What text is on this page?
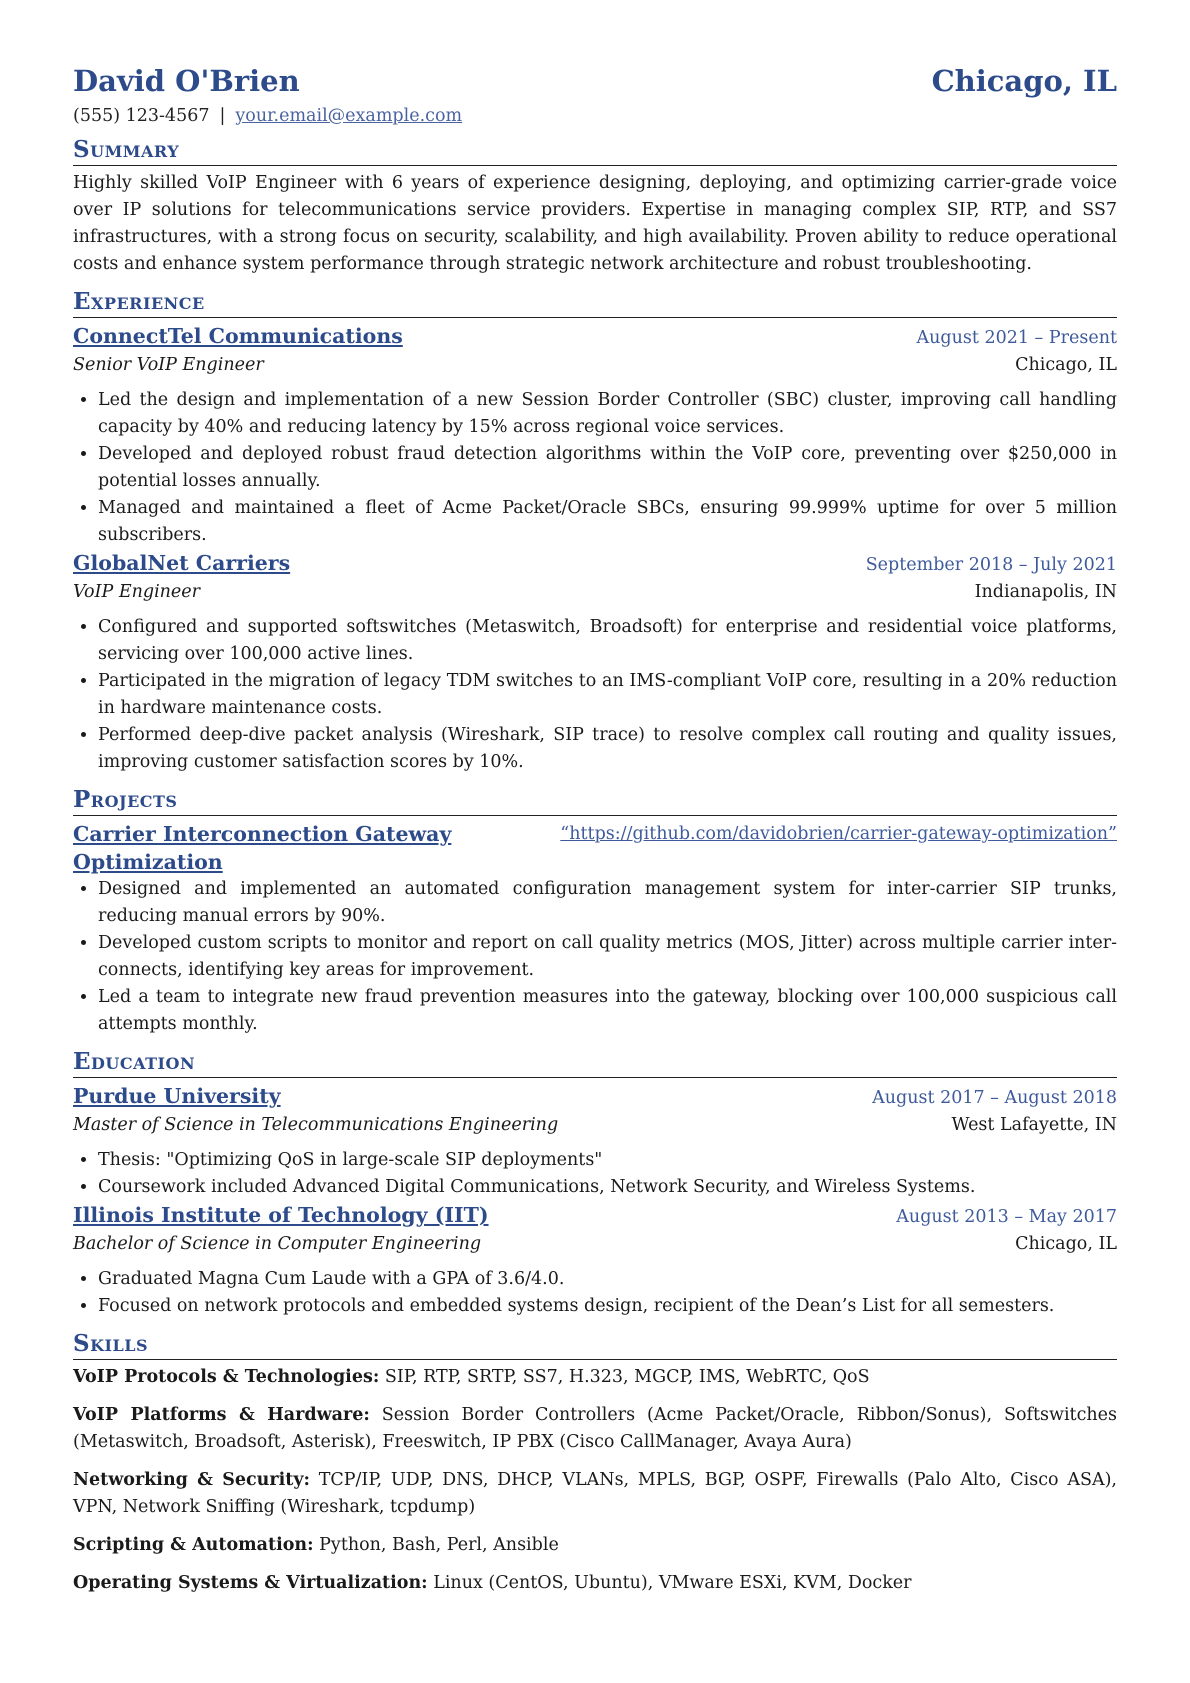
David O'Brien	Chicago, IL
(555) 123-4567 | your.email@example.com
Summary

Highly skilled VoIP Engineer with 6 years of experience designing, deploying, and optimizing carrier-grade voice over IP solutions for telecommunications service providers. Expertise in managing complex SIP, RTP, and SS7 infrastructures, with a strong focus on security, scalability, and high availability. Proven ability to reduce operational costs and enhance system performance through strategic network architecture and robust troubleshooting.

Experience
ConnectTel Communications	August 2021 – Present
Senior VoIP Engineer	Chicago, IL
• Led the design and implementation of a new Session Border Controller (SBC) cluster, improving call handling capacity by 40% and reducing latency by 15% across regional voice services.
• Developed and deployed robust fraud detection algorithms within the VoIP core, preventing over $250,000 in potential losses annually.
• Managed and maintained a fleet of Acme Packet/Oracle SBCs, ensuring 99.999% uptime for over 5 million subscribers.
GlobalNet Carriers	September 2018 – July 2021
VoIP Engineer	Indianapolis, IN
• Configured and supported softswitches (Metaswitch, Broadsoft) for enterprise and residential voice platforms, servicing over 100,000 active lines.
• Participated in the migration of legacy TDM switches to an IMS-compliant VoIP core, resulting in a 20% reduction in hardware maintenance costs.
• Performed deep-dive packet analysis (Wireshark, SIP trace) to resolve complex call routing and quality issues, improving customer satisfaction scores by 10%.
Projects
Carrier Interconnection Gateway Optimization
“https://github.com/davidobrien/carrier-gateway-optimization”
• Designed and implemented an automated configuration management system for inter-carrier SIP trunks, reducing manual errors by 90%.
• Developed custom scripts to monitor and report on call quality metrics (MOS, Jitter) across multiple carrier interconnects, identifying key areas for improvement.
• Led a team to integrate new fraud prevention measures into the gateway, blocking over 100,000 suspicious call attempts monthly.
Education
Purdue University	August 2017 – August 2018
Master of Science in Telecommunications Engineering	West Lafayette, IN
• Thesis: "Optimizing QoS in large-scale SIP deployments"
• Coursework included Advanced Digital Communications, Network Security, and Wireless Systems.
Illinois Institute of Technology (IIT)	August 2013 – May 2017
Bachelor of Science in Computer Engineering	Chicago, IL
• Graduated Magna Cum Laude with a GPA of 3.6/4.0.
• Focused on network protocols and embedded systems design, recipient of the Dean’s List for all semesters.
Skills

VoIP Protocols & Technologies: SIP, RTP, SRTP, SS7, H.323, MGCP, IMS, WebRTC, QoS

VoIP Platforms & Hardware: Session Border Controllers (Acme Packet/Oracle, Ribbon/Sonus), Softswitches (Metaswitch, Broadsoft, Asterisk), Freeswitch, IP PBX (Cisco CallManager, Avaya Aura)

Networking & Security: TCP/IP, UDP, DNS, DHCP, VLANs, MPLS, BGP, OSPF, Firewalls (Palo Alto, Cisco ASA), VPN, Network Sniffing (Wireshark, tcpdump)

Scripting & Automation: Python, Bash, Perl, Ansible

Operating Systems & Virtualization: Linux (CentOS, Ubuntu), VMware ESXi, KVM, Docker
